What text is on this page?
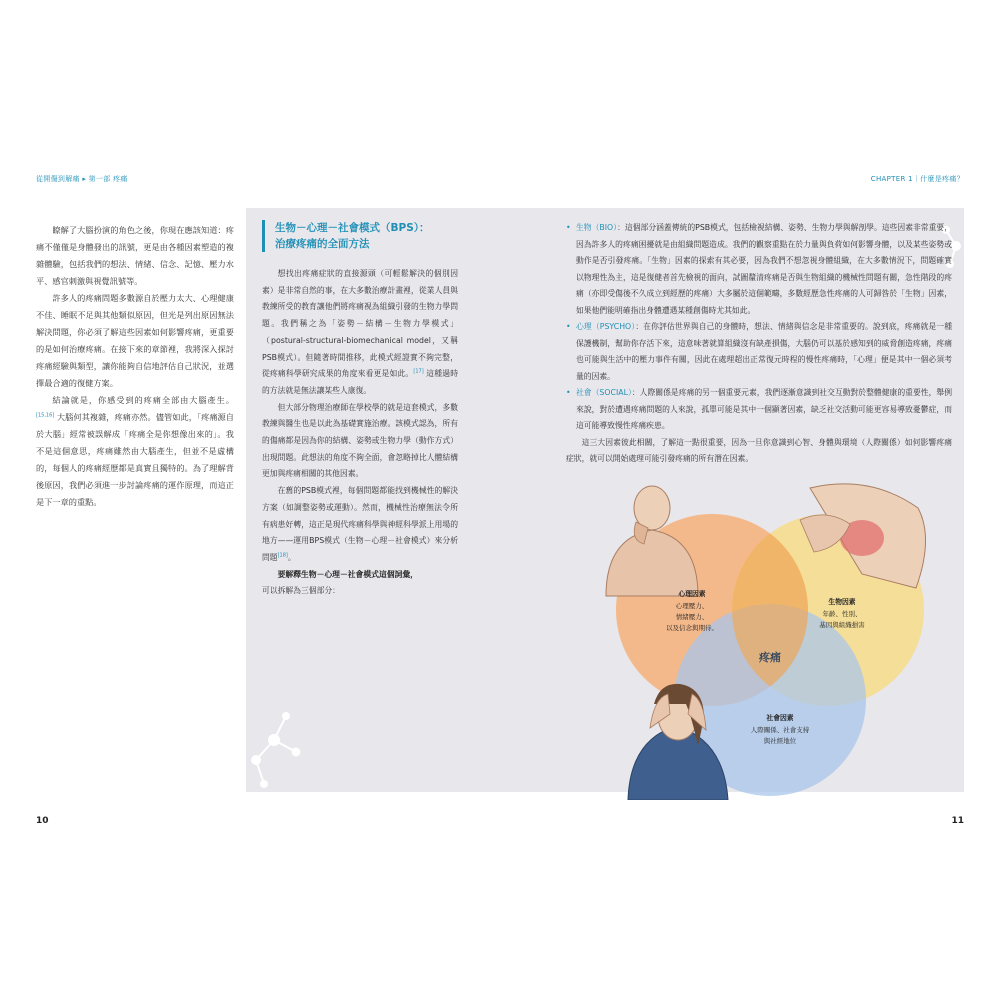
從開傷到解痛 ▸ 第一部 疼痛	CHAPTER 1｜什麼是疼痛？

瞭解了大腦扮演的角色之後，你現在應該知道：疼痛不僅僅是身體發出的訊號，更是由各種因素塑造的複雜體驗，包括我們的想法、情緒、信念、記憶、壓力水平、感官刺激與視覺訊號等。

許多人的疼痛問題多數源自於壓力太大、心理健康不佳、睡眠不足與其他類似原因，但光是列出原因無法解決問題，你必須了解這些因素如何影響疼痛，更重要的是如何治療疼痛。在接下來的章節裡，我將深入探討疼痛經驗與類型，讓你能夠自信地評估自己狀況，並選擇最合適的復健方案。

結論就是，你感受到的疼痛全部由大腦產生。[15,16] 大腦何其複雜，疼痛亦然。儘管如此，「疼痛源自於大腦」經常被誤解成「疼痛全是你想像出來的」。我不是這個意思，疼痛雖然由大腦產生，但並不是虛構的，每個人的疼痛經歷都是真實且獨特的。為了理解背後原因，我們必須進一步討論疼痛的運作原理，而這正是下一章的重點。

生物－心理－社會模式（BPS）：
治療疼痛的全面方法

想找出疼痛症狀的直接源頭（可輕鬆解決的個別因素）是非常自然的事，在大多數治療計畫裡，從業人員與教練所受的教育讓他們將疼痛視為組織引發的生物力學問題。我們稱之為「姿勢－結構－生物力學模式」（postural-structural-biomechanical model，又稱PSB模式）。但隨著時間推移，此模式經證實不夠完整，從疼痛科學研究成果的角度來看更是如此。[17] 這種過時的方法就是無法讓某些人康復。

但大部分物理治療師在學校學的就是這套模式，多數教練與醫生也是以此為基礎實施治療。該模式認為，所有的傷痛都是因為你的結構、姿勢或生物力學（動作方式）出現問題。此想法的角度不夠全面，會忽略掉比人體結構更加與疼痛相關的其他因素。

在舊的PSB模式裡，每個問題都能找到機械性的解決方案（如調整姿勢或運動）。然而，機械性治療無法令所有病患好轉，這正是現代疼痛科學與神經科學派上用場的地方——運用BPS模式（生物－心理－社會模式）來分析問題[18]。

要解釋生物－心理－社會模式這個詞彙，
可以拆解為三個部分：

• 生物（BIO）：這個部分涵蓋傳統的PSB模式，包括檢視結構、姿勢、生物力學與解剖學。這些因素非常重要，因為許多人的疼痛困擾就是由組織問題造成。我們的觀察重點在於力量與負荷如何影響身體，以及某些姿勢或動作是否引發疼痛。「生物」因素的探索有其必要，因為我們不想忽視身體組織，在大多數情況下，問題確實以物理性為主，這是復健者首先檢視的面向，試圖釐清疼痛是否與生物組織的機械性問題有關，急性階段的疼痛（亦即受傷後不久成立到經歷的疼痛）大多屬於這個範疇，多數經歷急性疼痛的人可歸咎於「生物」因素，如果他們能明確指出身體遭遇某種創傷時尤其如此。

• 心理（PSYCHO）：在你評估世界與自己的身體時，想法、情緒與信念是非常重要的。說到底，疼痛就是一種保護機制，幫助你存活下來，這意味著就算組織沒有缺產損傷，大腦仍可以基於感知到的威脅創造疼痛，疼痛也可能與生活中的壓力事件有關，因此在處理超出正常復元時程的慢性疼痛時，「心理」便是其中一個必須考量的因素。

• 社會（SOCIAL）：人際關係是疼痛的另一個重要元素，我們逐漸意識到社交互動對於整體健康的重要性，舉例來說，對於遭遇疼痛問題的人來說，孤單可能是其中一個顯著因素，缺乏社交活動可能更容易導致憂鬱症，而這可能導致慢性疼痛疾患。

這三大因素彼此相關，了解這一點很重要，因為一旦你意識到心智、身體與環境（人際關係）如何影響疼痛症狀，就可以開始處理可能引發疼痛的所有潛在因素。

心理因素
心理壓力、
情緒壓力、
以及信念與期待。
生物因素
年齡、性別、
基因與組織損害
疼痛
社會因素
人際關係、社會支持
與社經地位
10	11
